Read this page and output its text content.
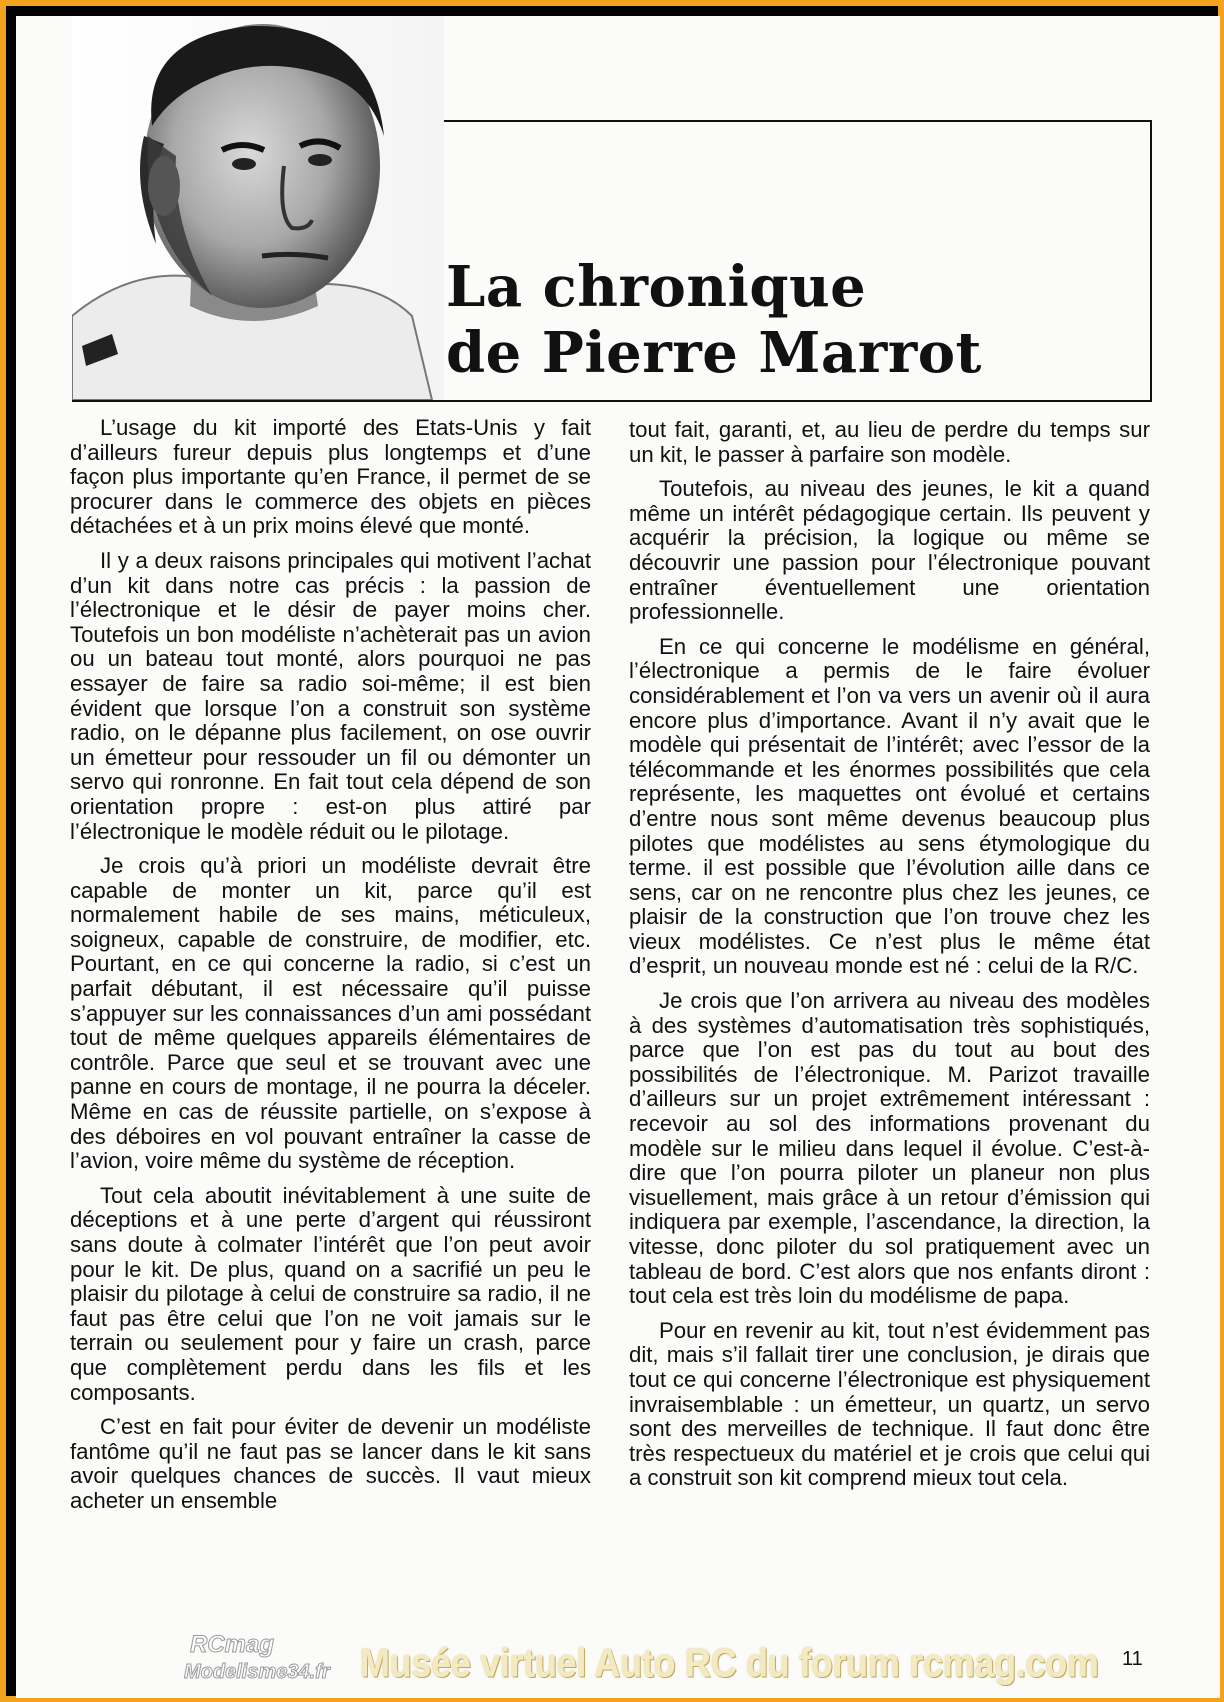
La chronique
de Pierre Marrot

L’usage du kit importé des Etats-Unis y fait d’ailleurs fureur depuis plus longtemps et d’une façon plus importante qu’en France, il permet de se procurer dans le commerce des objets en pièces détachées et à un prix moins élevé que monté.

Il y a deux raisons principales qui motivent l’achat d’un kit dans notre cas précis : la passion de l’électronique et le désir de payer moins cher. Toutefois un bon modéliste n’achèterait pas un avion ou un bateau tout monté, alors pourquoi ne pas essayer de faire sa radio soi-même; il est bien évident que lorsque l’on a construit son système radio, on le dépanne plus facilement, on ose ouvrir un émetteur pour ressouder un fil ou démonter un servo qui ronronne. En fait tout cela dépend de son orientation propre : est-on plus attiré par l’électronique le modèle réduit ou le pilotage.

Je crois qu’à priori un modéliste devrait être capable de monter un kit, parce qu’il est normalement habile de ses mains, méticuleux, soigneux, capable de construire, de modifier, etc. Pourtant, en ce qui concerne la radio, si c’est un parfait débutant, il est nécessaire qu’il puisse s’appuyer sur les connaissances d’un ami possédant tout de même quelques appareils élémentaires de contrôle. Parce que seul et se trouvant avec une panne en cours de montage, il ne pourra la déceler. Même en cas de réussite partielle, on s’expose à des déboires en vol pouvant entraîner la casse de l’avion, voire même du système de réception.

Tout cela aboutit inévitablement à une suite de déceptions et à une perte d’argent qui réussiront sans doute à colmater l’intérêt que l’on peut avoir pour le kit. De plus, quand on a sacrifié un peu le plaisir du pilotage à celui de construire sa radio, il ne faut pas être celui que l’on ne voit jamais sur le terrain ou seulement pour y faire un crash, parce que complètement perdu dans les fils et les composants.

C’est en fait pour éviter de devenir un modéliste fantôme qu’il ne faut pas se lancer dans le kit sans avoir quelques chances de succès. Il vaut mieux acheter un ensemble

tout fait, garanti, et, au lieu de perdre du temps sur un kit, le passer à parfaire son modèle.

Toutefois, au niveau des jeunes, le kit a quand même un intérêt pédagogique certain. Ils peuvent y acquérir la précision, la logique ou même se découvrir une passion pour l’électronique pouvant entraîner éventuellement une orientation professionnelle.

En ce qui concerne le modélisme en général, l’électronique a permis de le faire évoluer considérablement et l’on va vers un avenir où il aura encore plus d’importance. Avant il n’y avait que le modèle qui présentait de l’intérêt; avec l’essor de la télécommande et les énormes possibilités que cela représente, les maquettes ont évolué et certains d’entre nous sont même devenus beaucoup plus pilotes que modélistes au sens étymologique du terme. il est possible que l’évolution aille dans ce sens, car on ne rencontre plus chez les jeunes, ce plaisir de la construction que l’on trouve chez les vieux modélistes. Ce n’est plus le même état d’esprit, un nouveau monde est né : celui de la R/C.

Je crois que l’on arrivera au niveau des modèles à des systèmes d’automatisation très sophistiqués, parce que l’on est pas du tout au bout des possibilités de l’électronique. M. Parizot travaille d’ailleurs sur un projet extrêmement intéressant : recevoir au sol des informations provenant du modèle sur le milieu dans lequel il évolue. C’est-à-dire que l’on pourra piloter un planeur non plus visuellement, mais grâce à un retour d’émission qui indiquera par exemple, l’ascendance, la direction, la vitesse, donc piloter du sol pratiquement avec un tableau de bord. C’est alors que nos enfants diront : tout cela est très loin du modélisme de papa.

Pour en revenir au kit, tout n’est évidemment pas dit, mais s’il fallait tirer une conclusion, je dirais que tout ce qui concerne l’électronique est physiquement invraisemblable : un émetteur, un quartz, un servo sont des merveilles de technique. Il faut donc être très respectueux du matériel et je crois que celui qui a construit son kit comprend mieux tout cela.

RCmag
Modelisme34.fr Musée virtuel Auto RC du forum rcmag.com 11
